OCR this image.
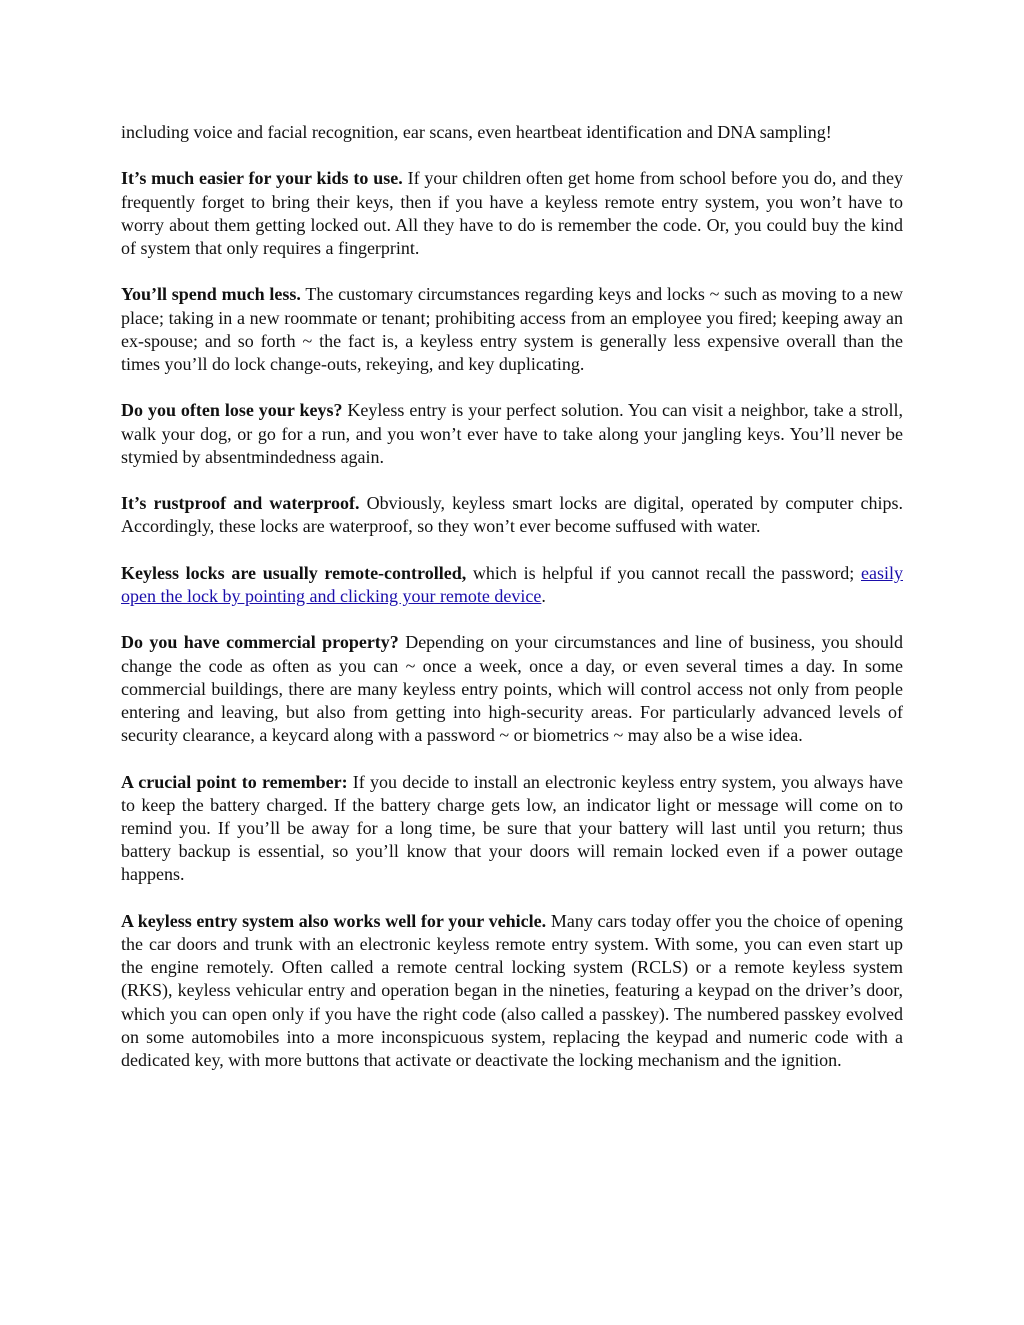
including voice and facial recognition, ear scans, even heartbeat identification and DNA sampling!

It’s much easier for your kids to use. If your children often get home from school before you do, and they frequently forget to bring their keys, then if you have a keyless remote entry system, you won’t have to worry about them getting locked out. All they have to do is remember the code. Or, you could buy the kind of system that only requires a fingerprint.

You’ll spend much less. The customary circumstances regarding keys and locks ~ such as moving to a new place; taking in a new roommate or tenant; prohibiting access from an employee you fired; keeping away an ex-spouse; and so forth ~ the fact is, a keyless entry system is generally less expensive overall than the times you’ll do lock change-outs, rekeying, and key duplicating.

Do you often lose your keys? Keyless entry is your perfect solution. You can visit a neighbor, take a stroll, walk your dog, or go for a run, and you won’t ever have to take along your jangling keys. You’ll never be stymied by absentmindedness again.

It’s rustproof and waterproof. Obviously, keyless smart locks are digital, operated by computer chips. Accordingly, these locks are waterproof, so they won’t ever become suffused with water.

Keyless locks are usually remote-controlled, which is helpful if you cannot recall the password; easily open the lock by pointing and clicking your remote device.

Do you have commercial property? Depending on your circumstances and line of business, you should change the code as often as you can ~ once a week, once a day, or even several times a day. In some commercial buildings, there are many keyless entry points, which will control access not only from people entering and leaving, but also from getting into high-security areas. For particularly advanced levels of security clearance, a keycard along with a password ~ or biometrics ~ may also be a wise idea.

A crucial point to remember: If you decide to install an electronic keyless entry system, you always have to keep the battery charged. If the battery charge gets low, an indicator light or message will come on to remind you. If you’ll be away for a long time, be sure that your battery will last until you return; thus battery backup is essential, so you’ll know that your doors will remain locked even if a power outage happens.

A keyless entry system also works well for your vehicle. Many cars today offer you the choice of opening the car doors and trunk with an electronic keyless remote entry system. With some, you can even start up the engine remotely. Often called a remote central locking system (RCLS) or a remote keyless system (RKS), keyless vehicular entry and operation began in the nineties, featuring a keypad on the driver’s door, which you can open only if you have the right code (also called a passkey). The numbered passkey evolved on some automobiles into a more inconspicuous system, replacing the keypad and numeric code with a dedicated key, with more buttons that activate or deactivate the locking mechanism and the ignition.
